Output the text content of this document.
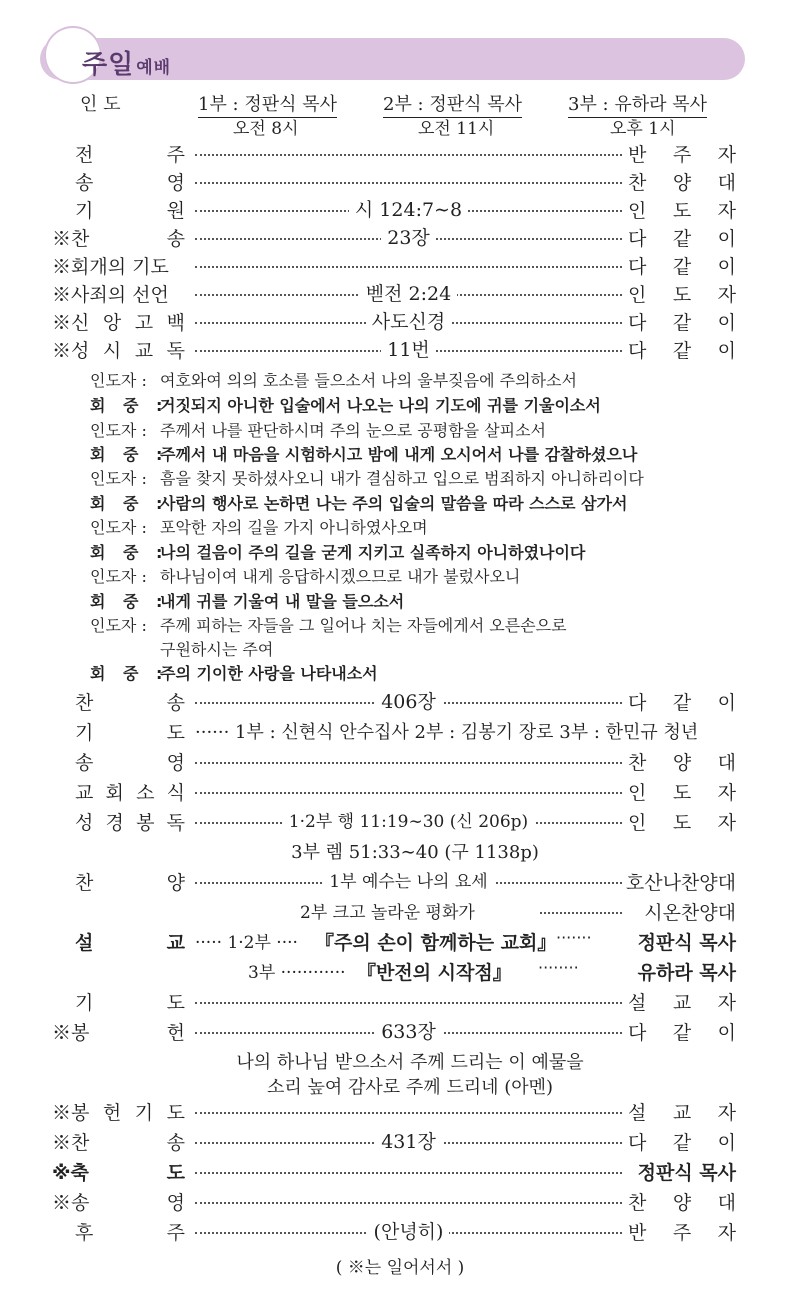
주일 예배
인 도	1부 : 정판식 목사	2부 : 정판식 목사	3부 : 유하라 목사
오전 8시	오전 11시	오후 1시
전	주	반 주 자
송	영	찬 양 대
기	원	시 124:7∼8	인 도 자
※찬	송	23장	다 같 이
※회개의 기도	다 같 이
※사죄의 선언	벧전 2:24	인 도 자
※신 앙 고 백	사도신경	다 같 이
※성 시 교 독	11번	다 같 이
인도자 : 여호와여 의의 호소를 들으소서 나의 울부짖음에 주의하소서
회 중 :거짓되지 아니한 입술에서 나오는 나의 기도에 귀를 기울이소서
인도자 : 주께서 나를 판단하시며 주의 눈으로 공평함을 살피소서
회 중 :주께서 내 마음을 시험하시고 밤에 내게 오시어서 나를 감찰하셨으나
인도자 : 흠을 찾지 못하셨사오니 내가 결심하고 입으로 범죄하지 아니하리이다
회 중 :사람의 행사로 논하면 나는 주의 입술의 말씀을 따라 스스로 삼가서
인도자 : 포악한 자의 길을 가지 아니하였사오며
회 중 :나의 걸음이 주의 길을 굳게 지키고 실족하지 아니하였나이다
인도자 : 하나님이여 내게 응답하시겠으므로 내가 불렀사오니
회 중 :내게 귀를 기울여 내 말을 들으소서
인도자 : 주께 피하는 자들을 그 일어나 치는 자들에게서 오른손으로
구원하시는 주여
회 중 :주의 기이한 사랑을 나타내소서
찬	송	406장	다 같 이
기	도 ······ 1부 : 신현식 안수집사 2부 : 김봉기 장로 3부 : 한민규 청년
송	영	찬 양 대
교 회 소 식	인 도 자
성 경 봉 독	1·2부 행 11:19∼30 (신 206p)	인 도 자
3부 렘 51:33∼40 (구 1138p)
찬	양	1부 예수는 나의 요세	호산나찬양대
2부 크고 놀라운 평화가	시온찬양대
설	교 ····· 1·2부 ···· 『주의 손이 함께하는 교회』 ······· 정판식 목사
3부 ············ 『반전의 시작점』 ········	유하라 목사
기	도	설 교 자
※봉	헌	633장	다 같 이
나의 하나님 받으소서 주께 드리는 이 예물을
소리 높여 감사로 주께 드리네 (아멘)
※봉 헌 기 도	설 교 자
※찬	송	431장	다 같 이
※축	도	정판식 목사
※송	영	찬 양 대
후	주	(안녕히)	반 주 자
( ※는 일어서서 )
